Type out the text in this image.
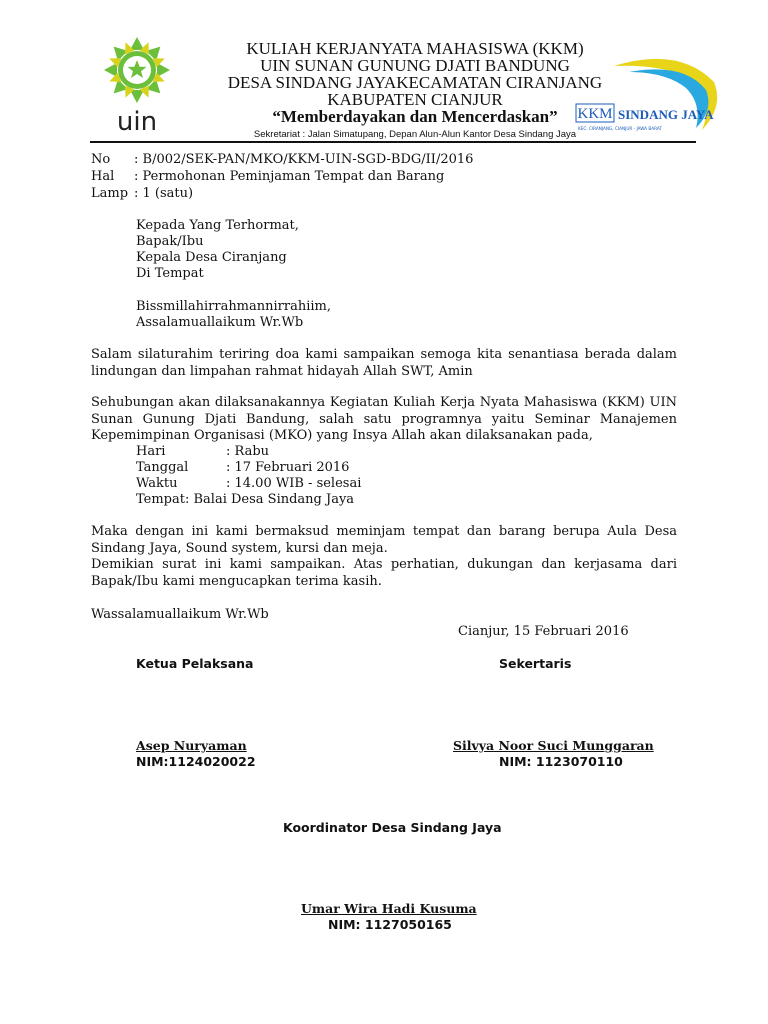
uin
KULIAH KERJANYATA MAHASISWA (KKM)
UIN SUNAN GUNUNG DJATI BANDUNG
DESA SINDANG JAYAKECAMATAN CIRANJANG
KABUPATEN CIANJUR
“Memberdayakan dan Mencerdaskan”
Sekretariat : Jalan Simatupang, Depan Alun-Alun Kantor Desa Sindang Jaya
KKM SINDANG JAYA
KEC. CIRANJANG, CIANJUR - JAWA BARAT
No : B/002/SEK-PAN/MKO/KKM-UIN-SGD-BDG/II/2016
Hal : Permohonan Peminjaman Tempat dan Barang
Lamp : 1 (satu)
Kepada Yang Terhormat,
Bapak/Ibu
Kepala Desa Ciranjang
Di Tempat
Bissmillahirrahmannirrahiim,
Assalamuallaikum Wr.Wb
Salam silaturahim teriring doa kami sampaikan semoga kita senantiasa berada dalam lindungan dan limpahan rahmat hidayah Allah SWT, Amin
Sehubungan akan dilaksanakannya Kegiatan Kuliah Kerja Nyata Mahasiswa (KKM) UIN Sunan Gunung Djati Bandung, salah satu programnya yaitu Seminar Manajemen Kepemimpinan Organisasi (MKO) yang Insya Allah akan dilaksanakan pada,
Hari	: Rabu
Tanggal	: 17 Februari 2016
Waktu	: 14.00 WIB - selesai
Tempat: Balai Desa Sindang Jaya
Maka dengan ini kami bermaksud meminjam tempat dan barang berupa Aula Desa Sindang Jaya, Sound system, kursi dan meja.
Demikian surat ini kami sampaikan. Atas perhatian, dukungan dan kerjasama dari Bapak/Ibu kami mengucapkan terima kasih.
Wassalamuallaikum Wr.Wb
Cianjur, 15 Februari 2016
Ketua Pelaksana	Sekertaris
Asep Nuryaman
NIM:1124020022
Silvya Noor Suci Munggaran
NIM: 1123070110
Koordinator Desa Sindang Jaya
Umar Wira Hadi Kusuma
NIM: 1127050165
